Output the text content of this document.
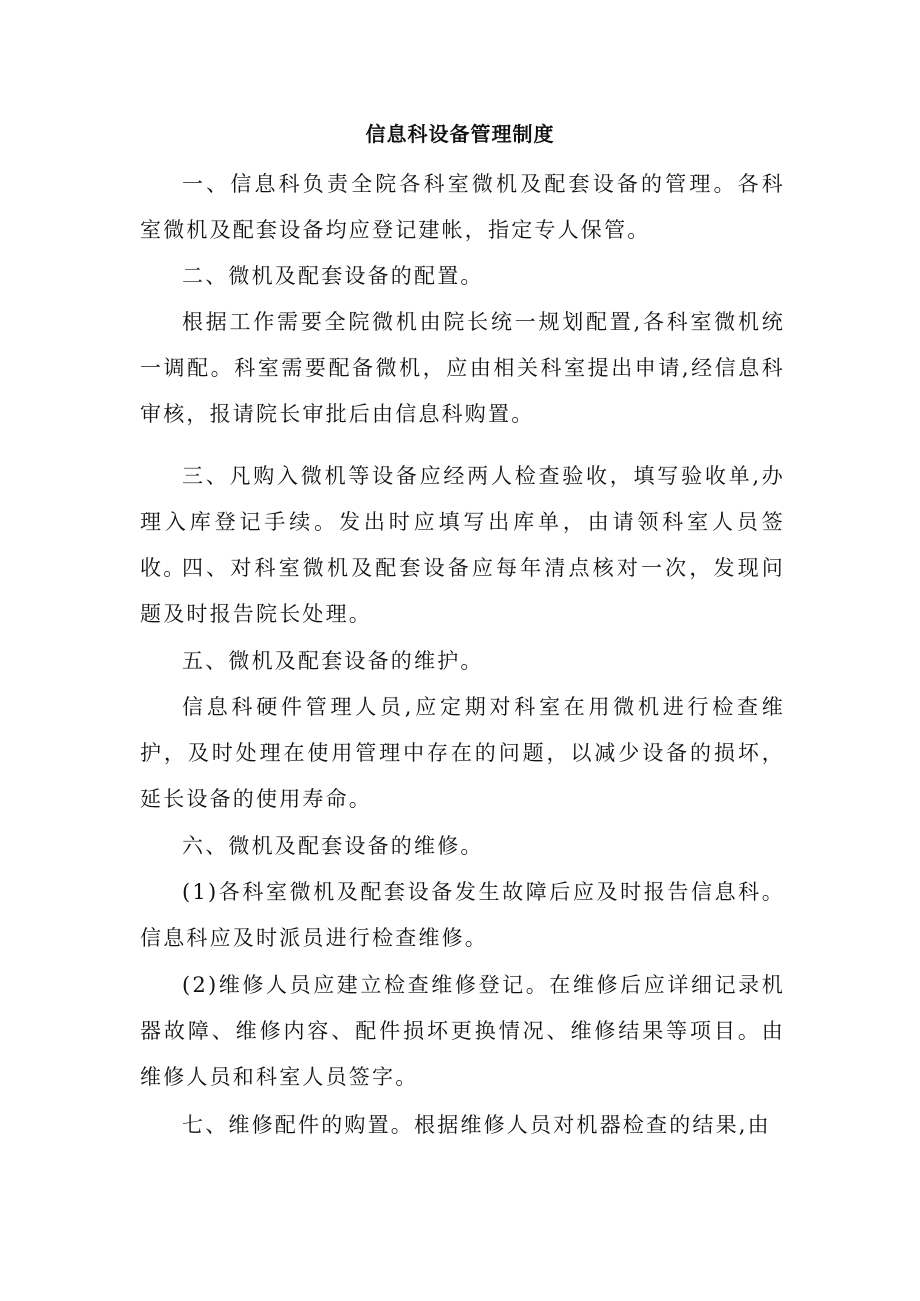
信息科设备管理制度

一、信息科负责全院各科室微机及配套设备的管理。各科室微机及配套设备均应登记建帐，指定专人保管。

二、微机及配套设备的配置。

根据工作需要全院微机由院长统一规划配置,各科室微机统一调配。科室需要配备微机，应由相关科室提出申请,经信息科审核，报请院长审批后由信息科购置。

三、凡购入微机等设备应经两人检查验收，填写验收单,办理入库登记手续。发出时应填写出库单，由请领科室人员签收。

四、对科室微机及配套设备应每年清点核对一次，发现问题及时报告院长处理。

五、微机及配套设备的维护。

信息科硬件管理人员,应定期对科室在用微机进行检查维护，及时处理在使用管理中存在的问题，以减少设备的损坏，延长设备的使用寿命。

六、微机及配套设备的维修。

(1)各科室微机及配套设备发生故障后应及时报告信息科。信息科应及时派员进行检查维修。

(2)维修人员应建立检查维修登记。在维修后应详细记录机器故障、维修内容、配件损坏更换情况、维修结果等项目。由维修人员和科室人员签字。

七、维修配件的购置。根据维修人员对机器检查的结果,由
